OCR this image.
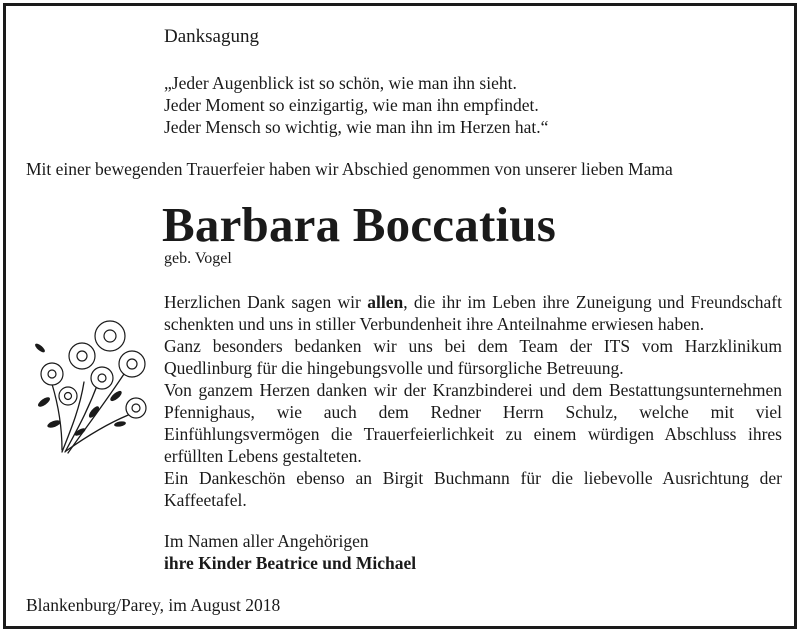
Danksagung
„Jeder Augenblick ist so schön, wie man ihn sieht.
Jeder Moment so einzigartig, wie man ihn empfindet.
Jeder Mensch so wichtig, wie man ihn im Herzen hat.“
Mit einer bewegenden Trauerfeier haben wir Abschied genommen von unserer lieben Mama
Barbara Boccatius
geb. Vogel

Herzlichen Dank sagen wir allen, die ihr im Leben ihre Zuneigung und Freundschaft schenkten und uns in stiller Verbundenheit ihre Anteilnahme erwiesen haben.

Ganz besonders bedanken wir uns bei dem Team der ITS vom Harzklinikum Quedlinburg für die hingebungsvolle und fürsorgliche Betreuung.

Von ganzem Herzen danken wir der Kranzbinderei und dem Bestattungsunternehmen Pfennighaus, wie auch dem Redner Herrn Schulz, welche mit viel Einfühlungsvermögen die Trauerfeierlichkeit zu einem würdigen Abschluss ihres erfüllten Lebens gestalteten.

Ein Dankeschön ebenso an Birgit Buchmann für die liebevolle Ausrichtung der Kaffeetafel.

Im Namen aller Angehörigen
ihre Kinder Beatrice und Michael
Blankenburg/Parey, im August 2018
